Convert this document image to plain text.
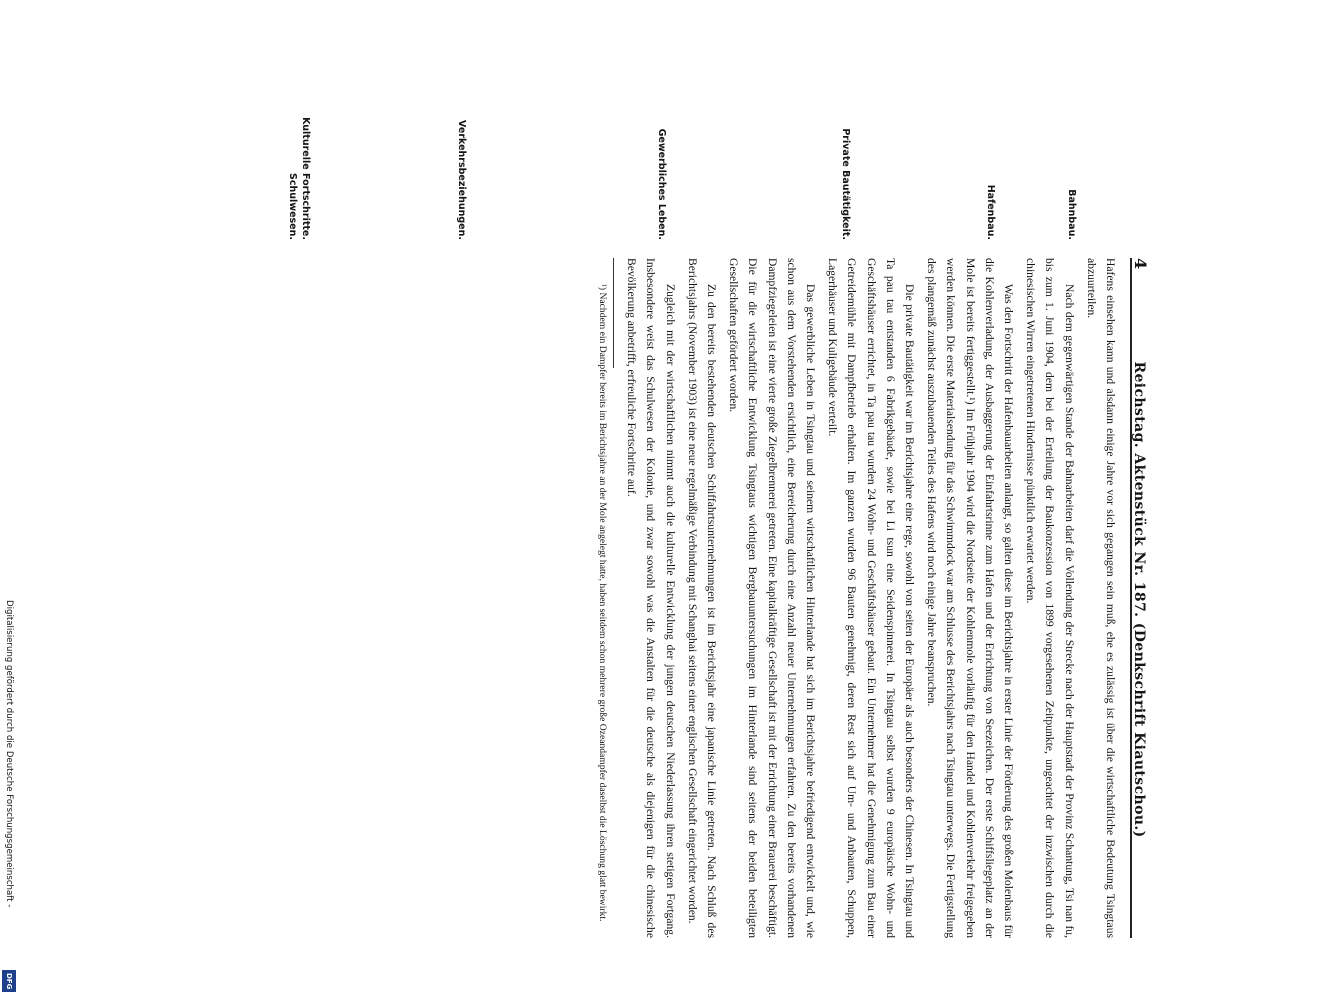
4
Reichstag. Aktenstück Nr. 187. (Denkschrift Kiautschou.)

Hafens einsehen kann und alsdann einige Jahre vor sich gegangen sein muß, ehe es zulässig ist über die wirtschaftliche Bedeutung Tsingtaus abzuurteilen.

Nach dem gegenwärtigen Stande der Bahnarbeiten darf die Vollendung der Strecke nach der Hauptstadt der Provinz Schantung, Tsi nan fu, bis zum 1. Juni 1904, dem bei der Erteilung der Baukonzession von 1899 vorgesehenen Zeitpunkte, ungeachtet der inzwischen durch die chinesischen Wirren eingetretenen Hindernisse pünktlich erwartet werden.

Was den Fortschritt der Hafenbauarbeiten anlangt, so galten diese im Berichtsjahre in erster Linie der Förderung des großen Molenbaus für die Kohlenverladung, der Ausbaggerung der Einfahrtsrinne zum Hafen und der Errichtung von Seezeichen. Der erste Schiffsliegeplatz an der Mole ist bereits fertiggestellt.¹) Im Frühjahr 1904 wird die Nordseite der Kohlenmole vorläufig für den Handel und Kohlenverkehr freigegeben werden können. Die erste Materialsendung für das Schwimmdock war am Schlusse des Berichtsjahrs nach Tsingtau unterwegs. Die Fertigstellung des plangemäß zunächst auszubauenden Teiles des Hafens wird noch einige Jahre beanspruchen.

Die private Bautätigkeit war im Berichtsjahre eine rege, sowohl von seiten der Europäer als auch besonders der Chinesen. In Tsingtau und Ta pau tau entstanden 6 Fabrikgebäude, sowie bei Li tsun eine Seidenspinnerei. In Tsingtau selbst wurden 9 europäische Wohn- und Geschäftshäuser errichtet, in Ta pau tau wurden 24 Wohn- und Geschäftshäuser gebaut. Ein Unternehmer hat die Genehmigung zum Bau einer Getreidemühle mit Dampfbetrieb erhalten. Im ganzen wurden 96 Bauten genehmigt, deren Rest sich auf Um- und Anbauten, Schuppen, Lagerhäuser und Kuligebäude verteilt.

Das gewerbliche Leben in Tsingtau und seinem wirtschaftlichen Hinterlande hat sich im Berichtsjahre befriedigend entwickelt und, wie schon aus dem Vorstehenden ersichtlich, eine Bereicherung durch eine Anzahl neuer Unternehmungen erfahren. Zu den bereits vorhandenen Dampfziegeleien ist eine vierte große Ziegelbrennerei getreten. Eine kapitalkräftige Gesellschaft ist mit der Errichtung einer Brauerei beschäftigt. Die für die wirtschaftliche Entwicklung Tsingtaus wichtigen Bergbauuntersuchungen im Hinterlande sind seitens der beiden beteiligten Gesellschaften gefördert worden.

Zu den bereits bestehenden deutschen Schiffahrtsunternehmungen ist im Berichtsjahr eine japanische Linie getreten. Nach Schluß des Berichtsjahrs (November 1903) ist eine neue regelmäßige Verbindung mit Schanghai seitens einer englischen Gesellschaft eingerichtet worden.

Zugleich mit der wirtschaftlichen nimmt auch die kulturelle Entwicklung der jungen deutschen Niederlassung ihren stetigen Fortgang. Insbesondere weist das Schulwesen der Kolonie, und zwar sowohl was die Anstalten für die deutsche als diejenigen für die chinesische Bevölkerung anbetrifft, erfreuliche Fortschritte auf.

¹) Nachdem ein Dampfer bereits im Berichtsjahre an der Mole angelegt hatte, haben seitdem schon mehrere große Ozeandampfer daselbst die Löschung glatt bewirkt.

Bahnbau.
Hafenbau.
Private Bautätigkeit.
Gewerbliches Leben.
Verkehrsbeziehungen.
Kulturelle Fortschritte. Schulwesen.
Digitalisierung gefördert durch die Deutsche Forschungsgemeinschaft -
DFG
